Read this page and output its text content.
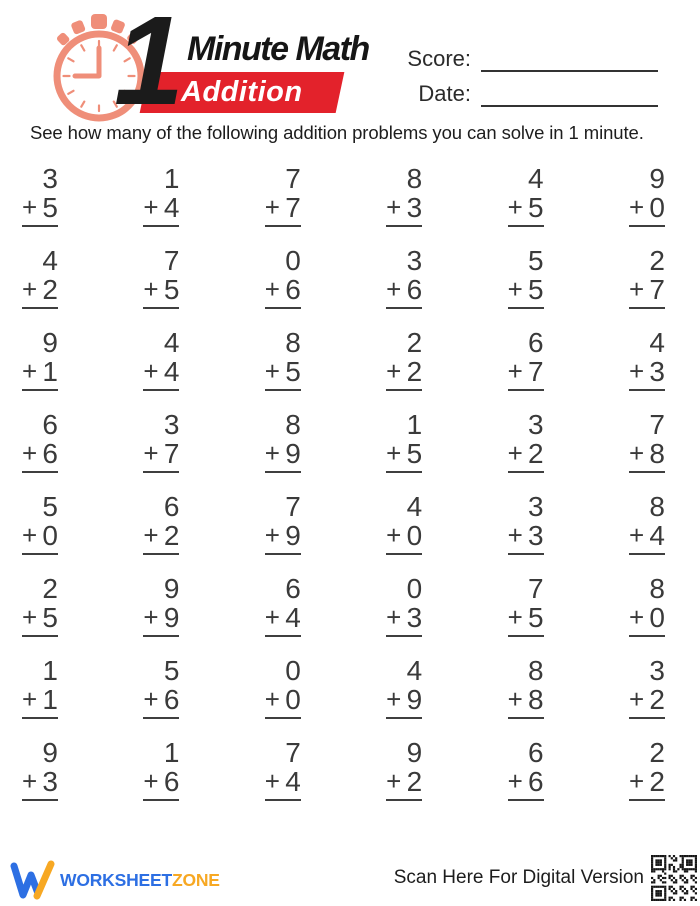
Addition
Minute Math
1	Score:
Date:
See how many of the following addition problems you can solve in 1 minute.
3
+ 5
1
+ 4
7
+ 7
8
+ 3
4
+ 5
9
+ 0
4
+ 2
7
+ 5
0
+ 6
3
+ 6
5
+ 5
2
+ 7
9
+ 1
4
+ 4
8
+ 5
2
+ 2
6
+ 7
4
+ 3
6
+ 6
3
+ 7
8
+ 9
1
+ 5
3
+ 2
7
+ 8
5
+ 0
6
+ 2
7
+ 9
4
+ 0
3
+ 3
8
+ 4
2
+ 5
9
+ 9
6
+ 4
0
+ 3
7
+ 5
8
+ 0
1
+ 1
5
+ 6
0
+ 0
4
+ 9
8
+ 8
3
+ 2
9
+ 3
1
+ 6
7
+ 4
9
+ 2
6
+ 6
2
+ 2
WORKSHEETZONE	Scan Here For Digital Version
